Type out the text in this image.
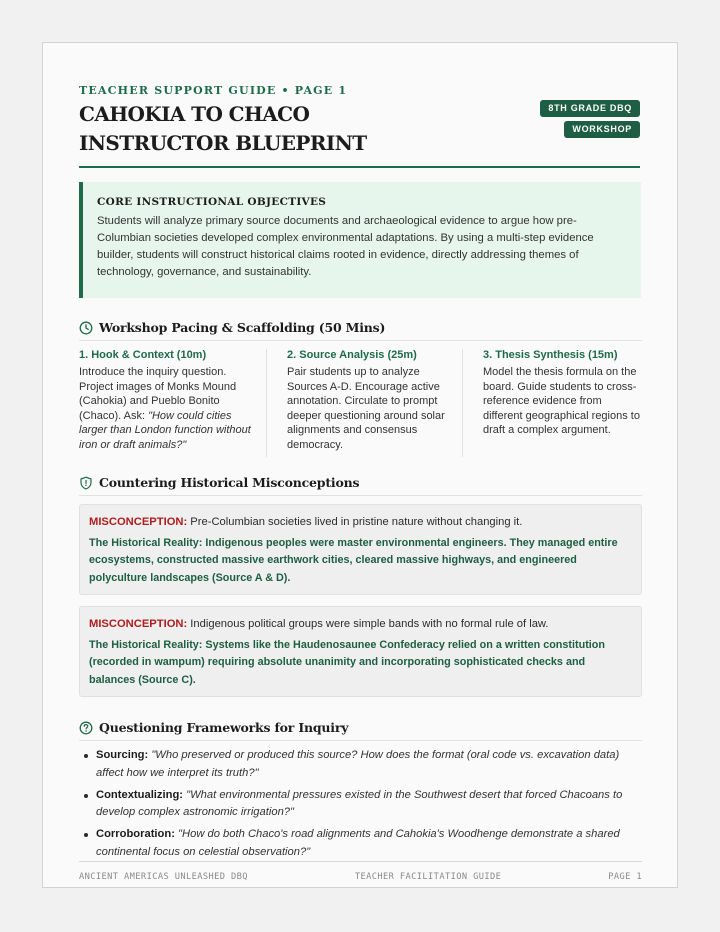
TEACHER SUPPORT GUIDE • PAGE 1
CAHOKIA TO CHACO INSTRUCTOR BLUEPRINT
8TH GRADE DBQ
WORKSHOP
CORE INSTRUCTIONAL OBJECTIVES
Students will analyze primary source documents and archaeological evidence to argue how pre-Columbian societies developed complex environmental adaptations. By using a multi-step evidence builder, students will construct historical claims rooted in evidence, directly addressing themes of technology, governance, and sustainability.
Workshop Pacing & Scaffolding (50 Mins)
1. Hook & Context (10m)
Introduce the inquiry question. Project images of Monks Mound (Cahokia) and Pueblo Bonito (Chaco). Ask: "How could cities larger than London function without iron or draft animals?"
2. Source Analysis (25m)
Pair students up to analyze Sources A-D. Encourage active annotation. Circulate to prompt deeper questioning around solar alignments and consensus democracy.
3. Thesis Synthesis (15m)
Model the thesis formula on the board. Guide students to cross-reference evidence from different geographical regions to draft a complex argument.
Countering Historical Misconceptions
MISCONCEPTION: Pre-Columbian societies lived in pristine nature without changing it.
The Historical Reality: Indigenous peoples were master environmental engineers. They managed entire ecosystems, constructed massive earthwork cities, cleared massive highways, and engineered polyculture landscapes (Source A & D).
MISCONCEPTION: Indigenous political groups were simple bands with no formal rule of law.
The Historical Reality: Systems like the Haudenosaunee Confederacy relied on a written constitution (recorded in wampum) requiring absolute unanimity and incorporating sophisticated checks and balances (Source C).
Questioning Frameworks for Inquiry
Sourcing: "Who preserved or produced this source? How does the format (oral code vs. excavation data) affect how we interpret its truth?"
Contextualizing: "What environmental pressures existed in the Southwest desert that forced Chacoans to develop complex astronomic irrigation?"
Corroboration: "How do both Chaco's road alignments and Cahokia's Woodhenge demonstrate a shared continental focus on celestial observation?"
ANCIENT AMERICAS UNLEASHED DBQ	TEACHER FACILITATION GUIDE	PAGE 1
